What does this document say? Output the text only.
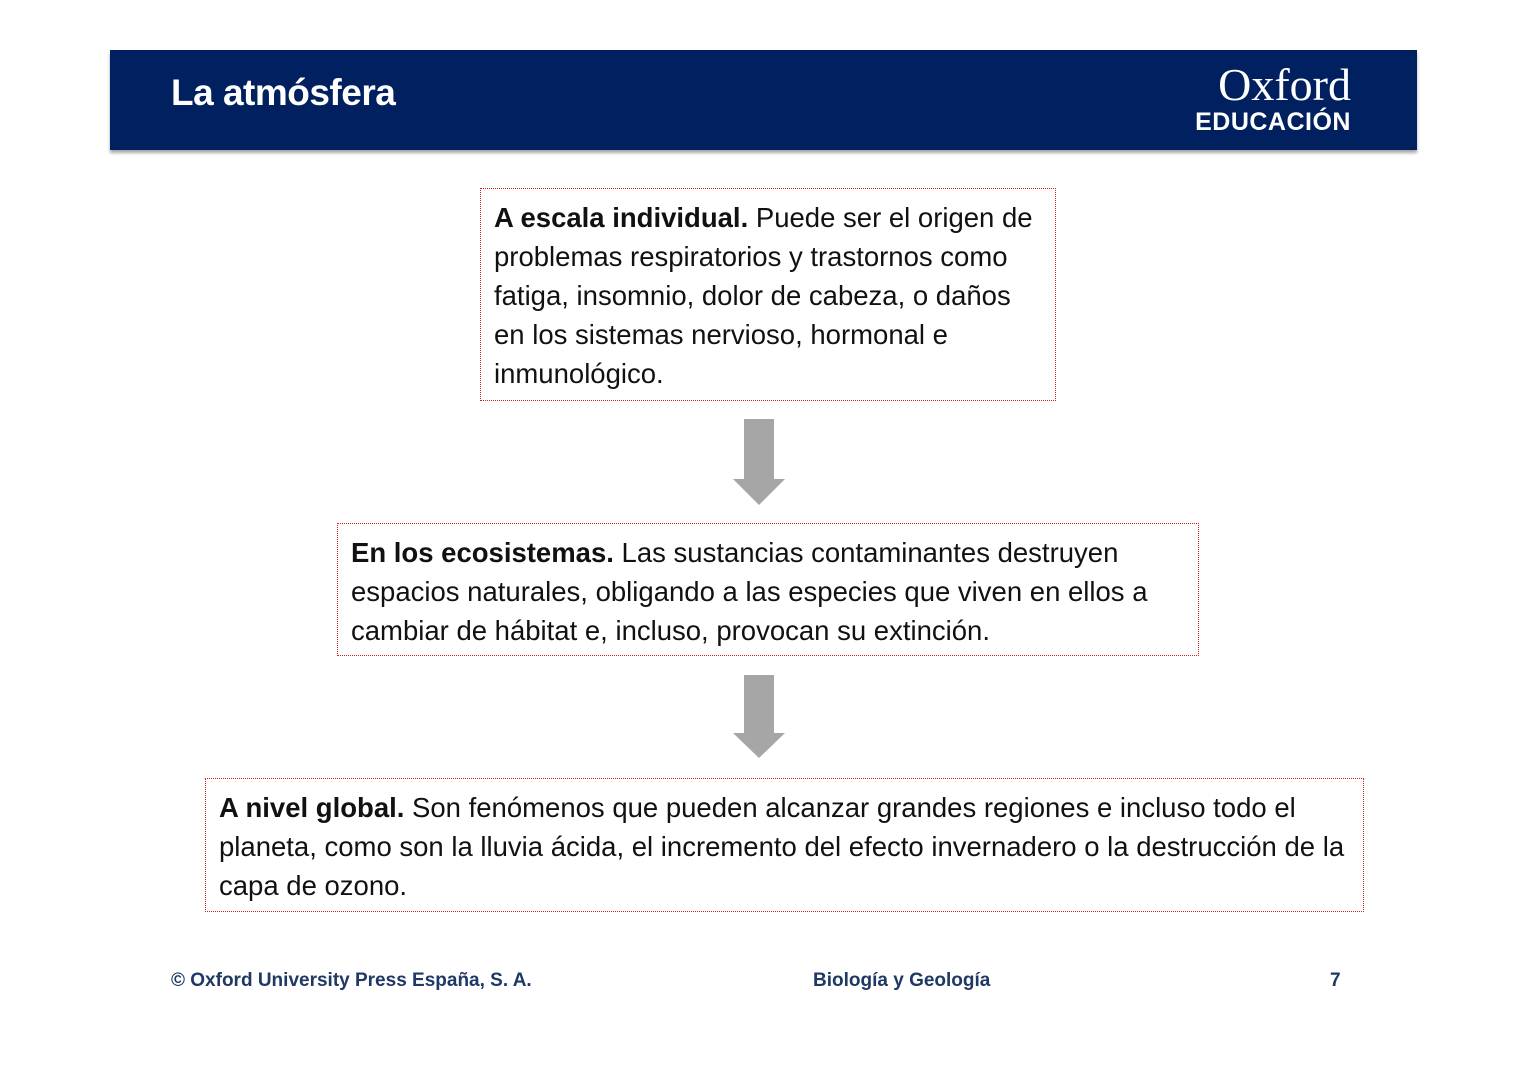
La atmósfera	Oxford
EDUCACIÓN
A escala individual. Puede ser el origen de problemas respiratorios y trastornos como fatiga, insomnio, dolor de cabeza, o daños en los sistemas nervioso, hormonal e inmunológico.
En los ecosistemas. Las sustancias contaminantes destruyen espacios naturales, obligando a las especies que viven en ellos a cambiar de hábitat e, incluso, provocan su extinción.
A nivel global. Son fenómenos que pueden alcanzar grandes regiones e incluso todo el planeta, como son la lluvia ácida, el incremento del efecto invernadero o la destrucción de la capa de ozono.
© Oxford University Press España, S. A.	Biología y Geología	7
